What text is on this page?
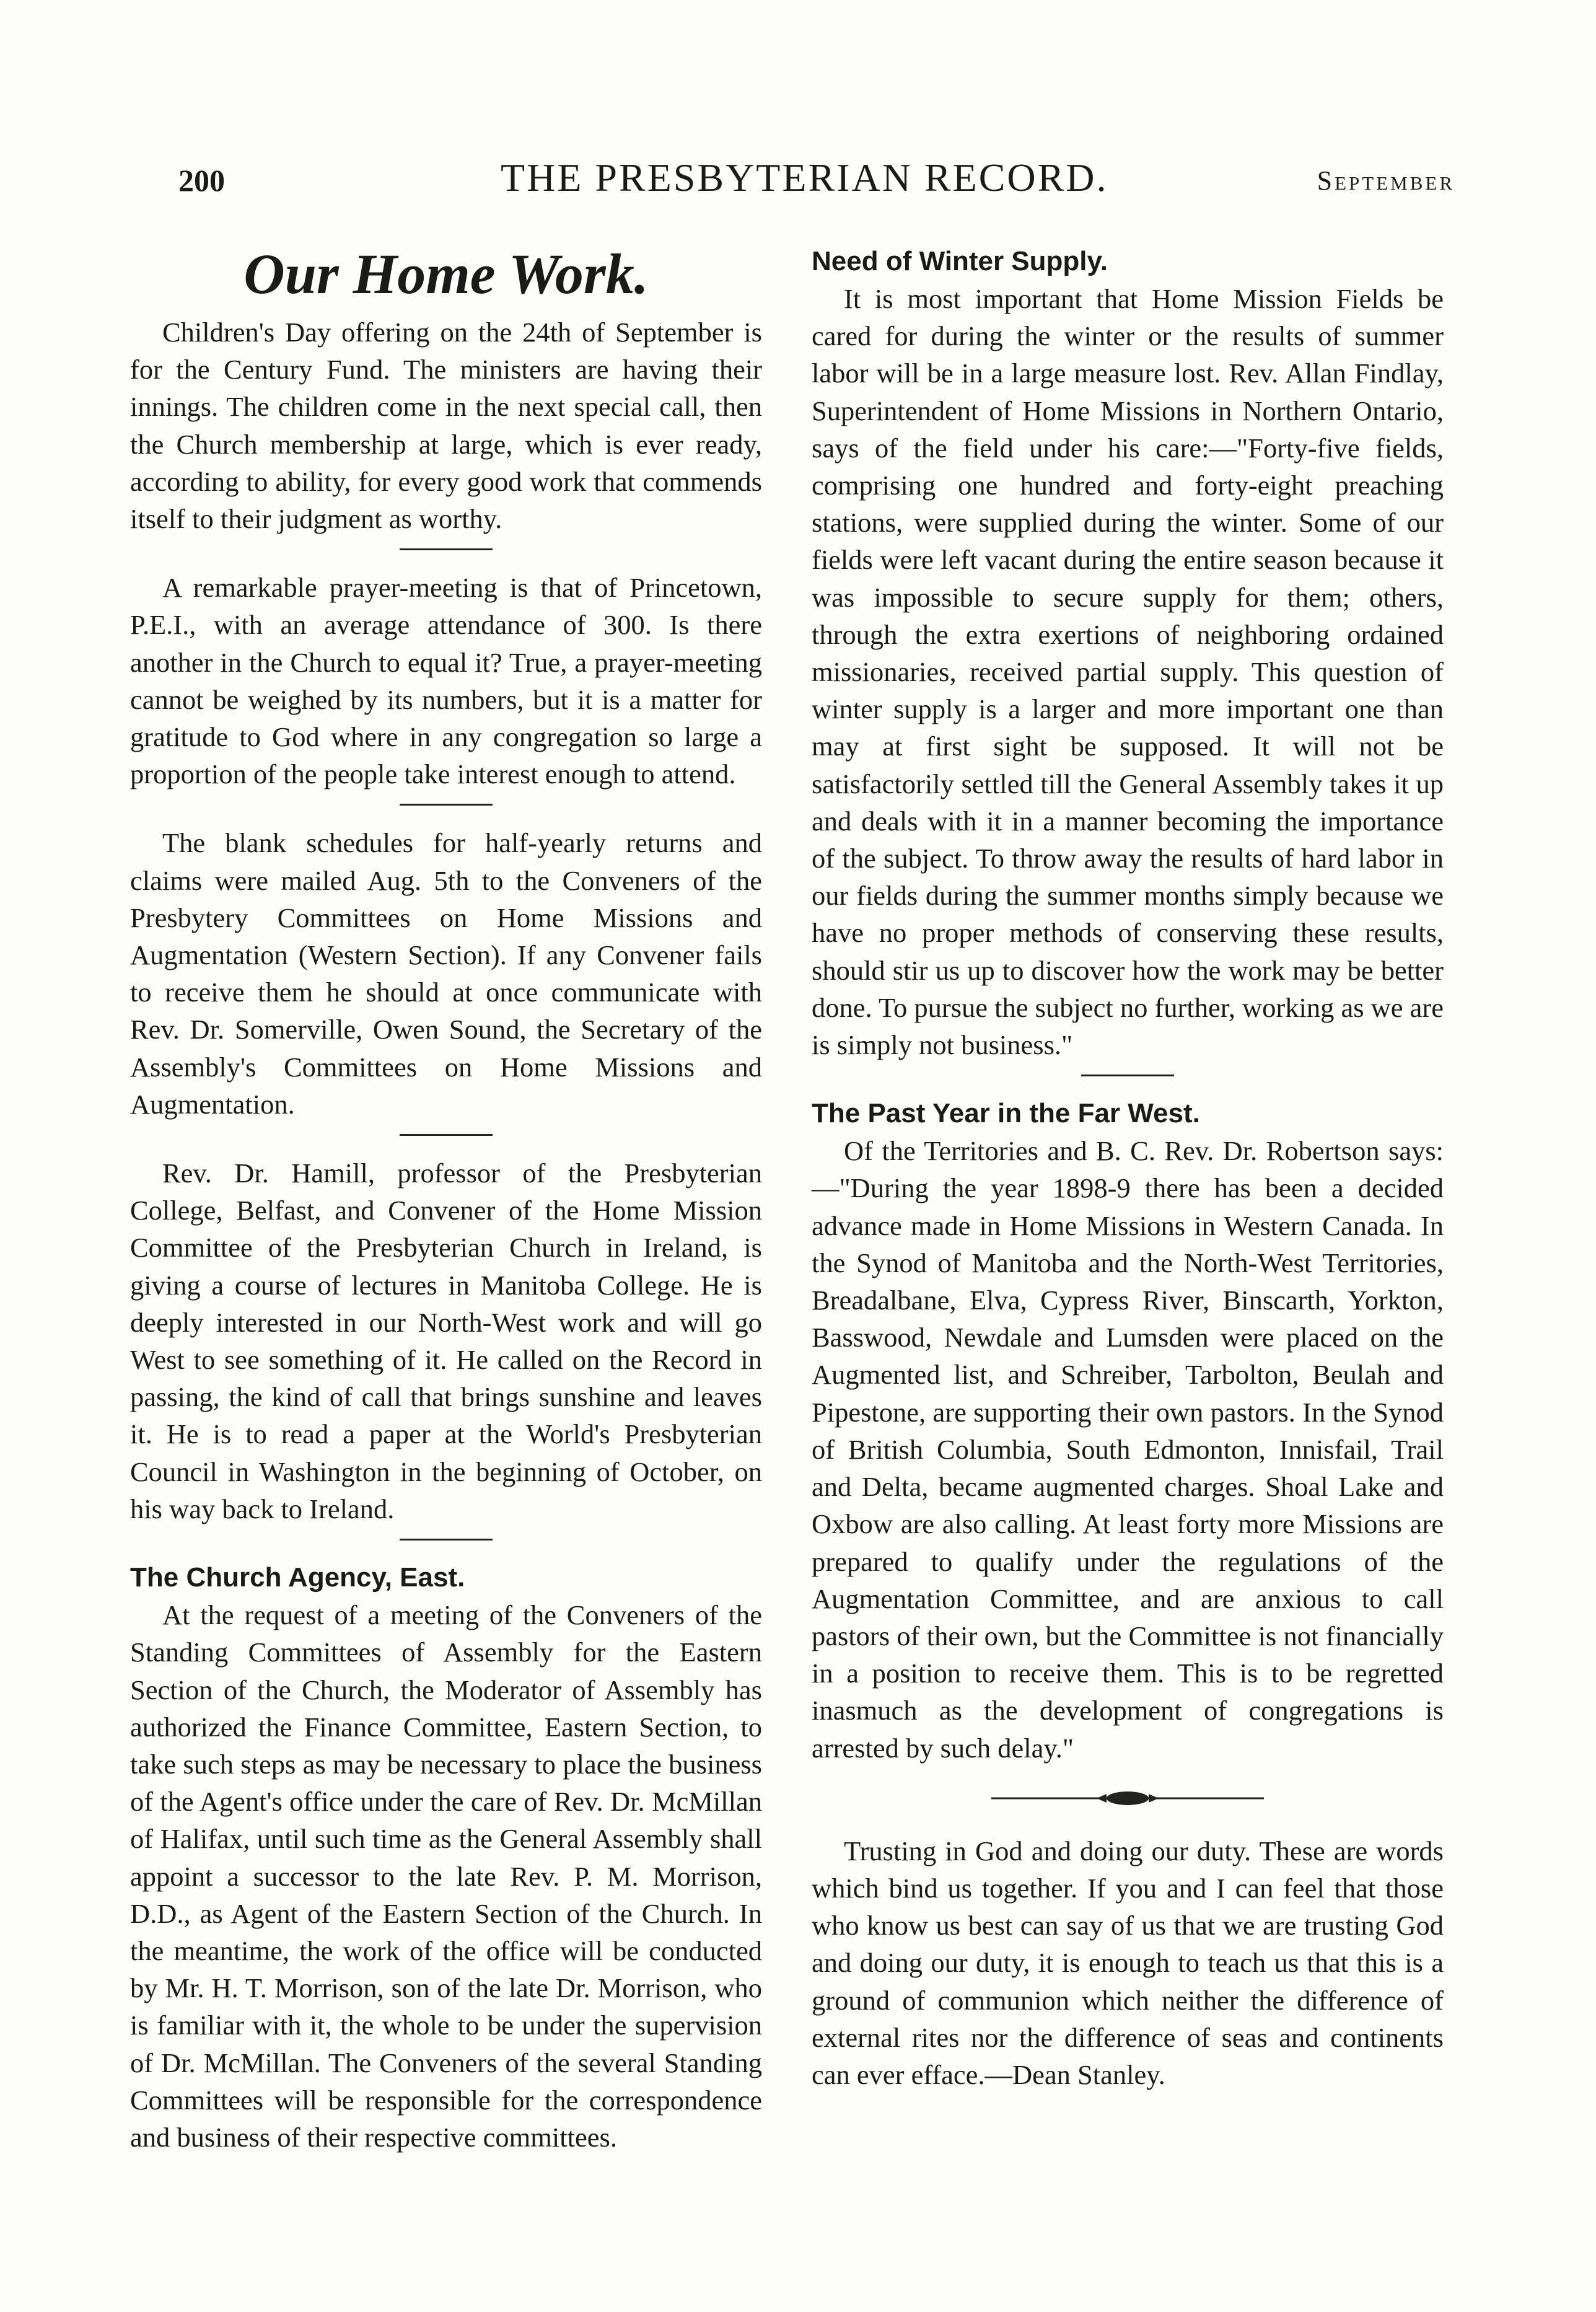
200	THE PRESBYTERIAN RECORD.	September
Our Home Work.

Children's Day offering on the 24th of September is for the Century Fund. The ministers are having their innings. The children come in the next special call, then the Church membership at large, which is ever ready, according to ability, for every good work that commends itself to their judgment as worthy.

A remarkable prayer-meeting is that of Princetown, P.E.I., with an average attendance of 300. Is there another in the Church to equal it? True, a prayer-meeting cannot be weighed by its numbers, but it is a matter for gratitude to God where in any congregation so large a proportion of the people take interest enough to attend.

The blank schedules for half-yearly returns and claims were mailed Aug. 5th to the Conveners of the Presbytery Committees on Home Missions and Augmentation (Western Section). If any Convener fails to receive them he should at once communicate with Rev. Dr. Somerville, Owen Sound, the Secretary of the Assembly's Committees on Home Missions and Augmentation.

Rev. Dr. Hamill, professor of the Presbyterian College, Belfast, and Convener of the Home Mission Committee of the Presbyterian Church in Ireland, is giving a course of lectures in Manitoba College. He is deeply interested in our North-West work and will go West to see something of it. He called on the Record in passing, the kind of call that brings sunshine and leaves it. He is to read a paper at the World's Presbyterian Council in Washington in the beginning of October, on his way back to Ireland.

The Church Agency, East.

At the request of a meeting of the Conveners of the Standing Committees of Assembly for the Eastern Section of the Church, the Moderator of Assembly has authorized the Finance Committee, Eastern Section, to take such steps as may be necessary to place the business of the Agent's office under the care of Rev. Dr. McMillan of Halifax, until such time as the General Assembly shall appoint a successor to the late Rev. P. M. Morrison, D.D., as Agent of the Eastern Section of the Church. In the meantime, the work of the office will be conducted by Mr. H. T. Morrison, son of the late Dr. Morrison, who is familiar with it, the whole to be under the supervision of Dr. McMillan. The Conveners of the several Standing Committees will be responsible for the correspondence and business of their respective committees.

Need of Winter Supply.

It is most important that Home Mission Fields be cared for during the winter or the results of summer labor will be in a large measure lost. Rev. Allan Findlay, Superintendent of Home Missions in Northern Ontario, says of the field under his care:—"Forty-five fields, comprising one hundred and forty-eight preaching stations, were supplied during the winter. Some of our fields were left vacant during the entire season because it was impossible to secure supply for them; others, through the extra exertions of neighboring ordained missionaries, received partial supply. This question of winter supply is a larger and more important one than may at first sight be supposed. It will not be satisfactorily settled till the General Assembly takes it up and deals with it in a manner becoming the importance of the subject. To throw away the results of hard labor in our fields during the summer months simply because we have no proper methods of conserving these results, should stir us up to discover how the work may be better done. To pursue the subject no further, working as we are is simply not business."

The Past Year in the Far West.

Of the Territories and B. C. Rev. Dr. Robertson says:—"During the year 1898-9 there has been a decided advance made in Home Missions in Western Canada. In the Synod of Manitoba and the North-West Territories, Breadalbane, Elva, Cypress River, Binscarth, Yorkton, Basswood, Newdale and Lumsden were placed on the Augmented list, and Schreiber, Tarbolton, Beulah and Pipestone, are supporting their own pastors. In the Synod of British Columbia, South Edmonton, Innisfail, Trail and Delta, became augmented charges. Shoal Lake and Oxbow are also calling. At least forty more Missions are prepared to qualify under the regulations of the Augmentation Committee, and are anxious to call pastors of their own, but the Committee is not financially in a position to receive them. This is to be regretted inasmuch as the development of congregations is arrested by such delay."

Trusting in God and doing our duty. These are words which bind us together. If you and I can feel that those who know us best can say of us that we are trusting God and doing our duty, it is enough to teach us that this is a ground of communion which neither the difference of external rites nor the difference of seas and continents can ever efface.—Dean Stanley.
